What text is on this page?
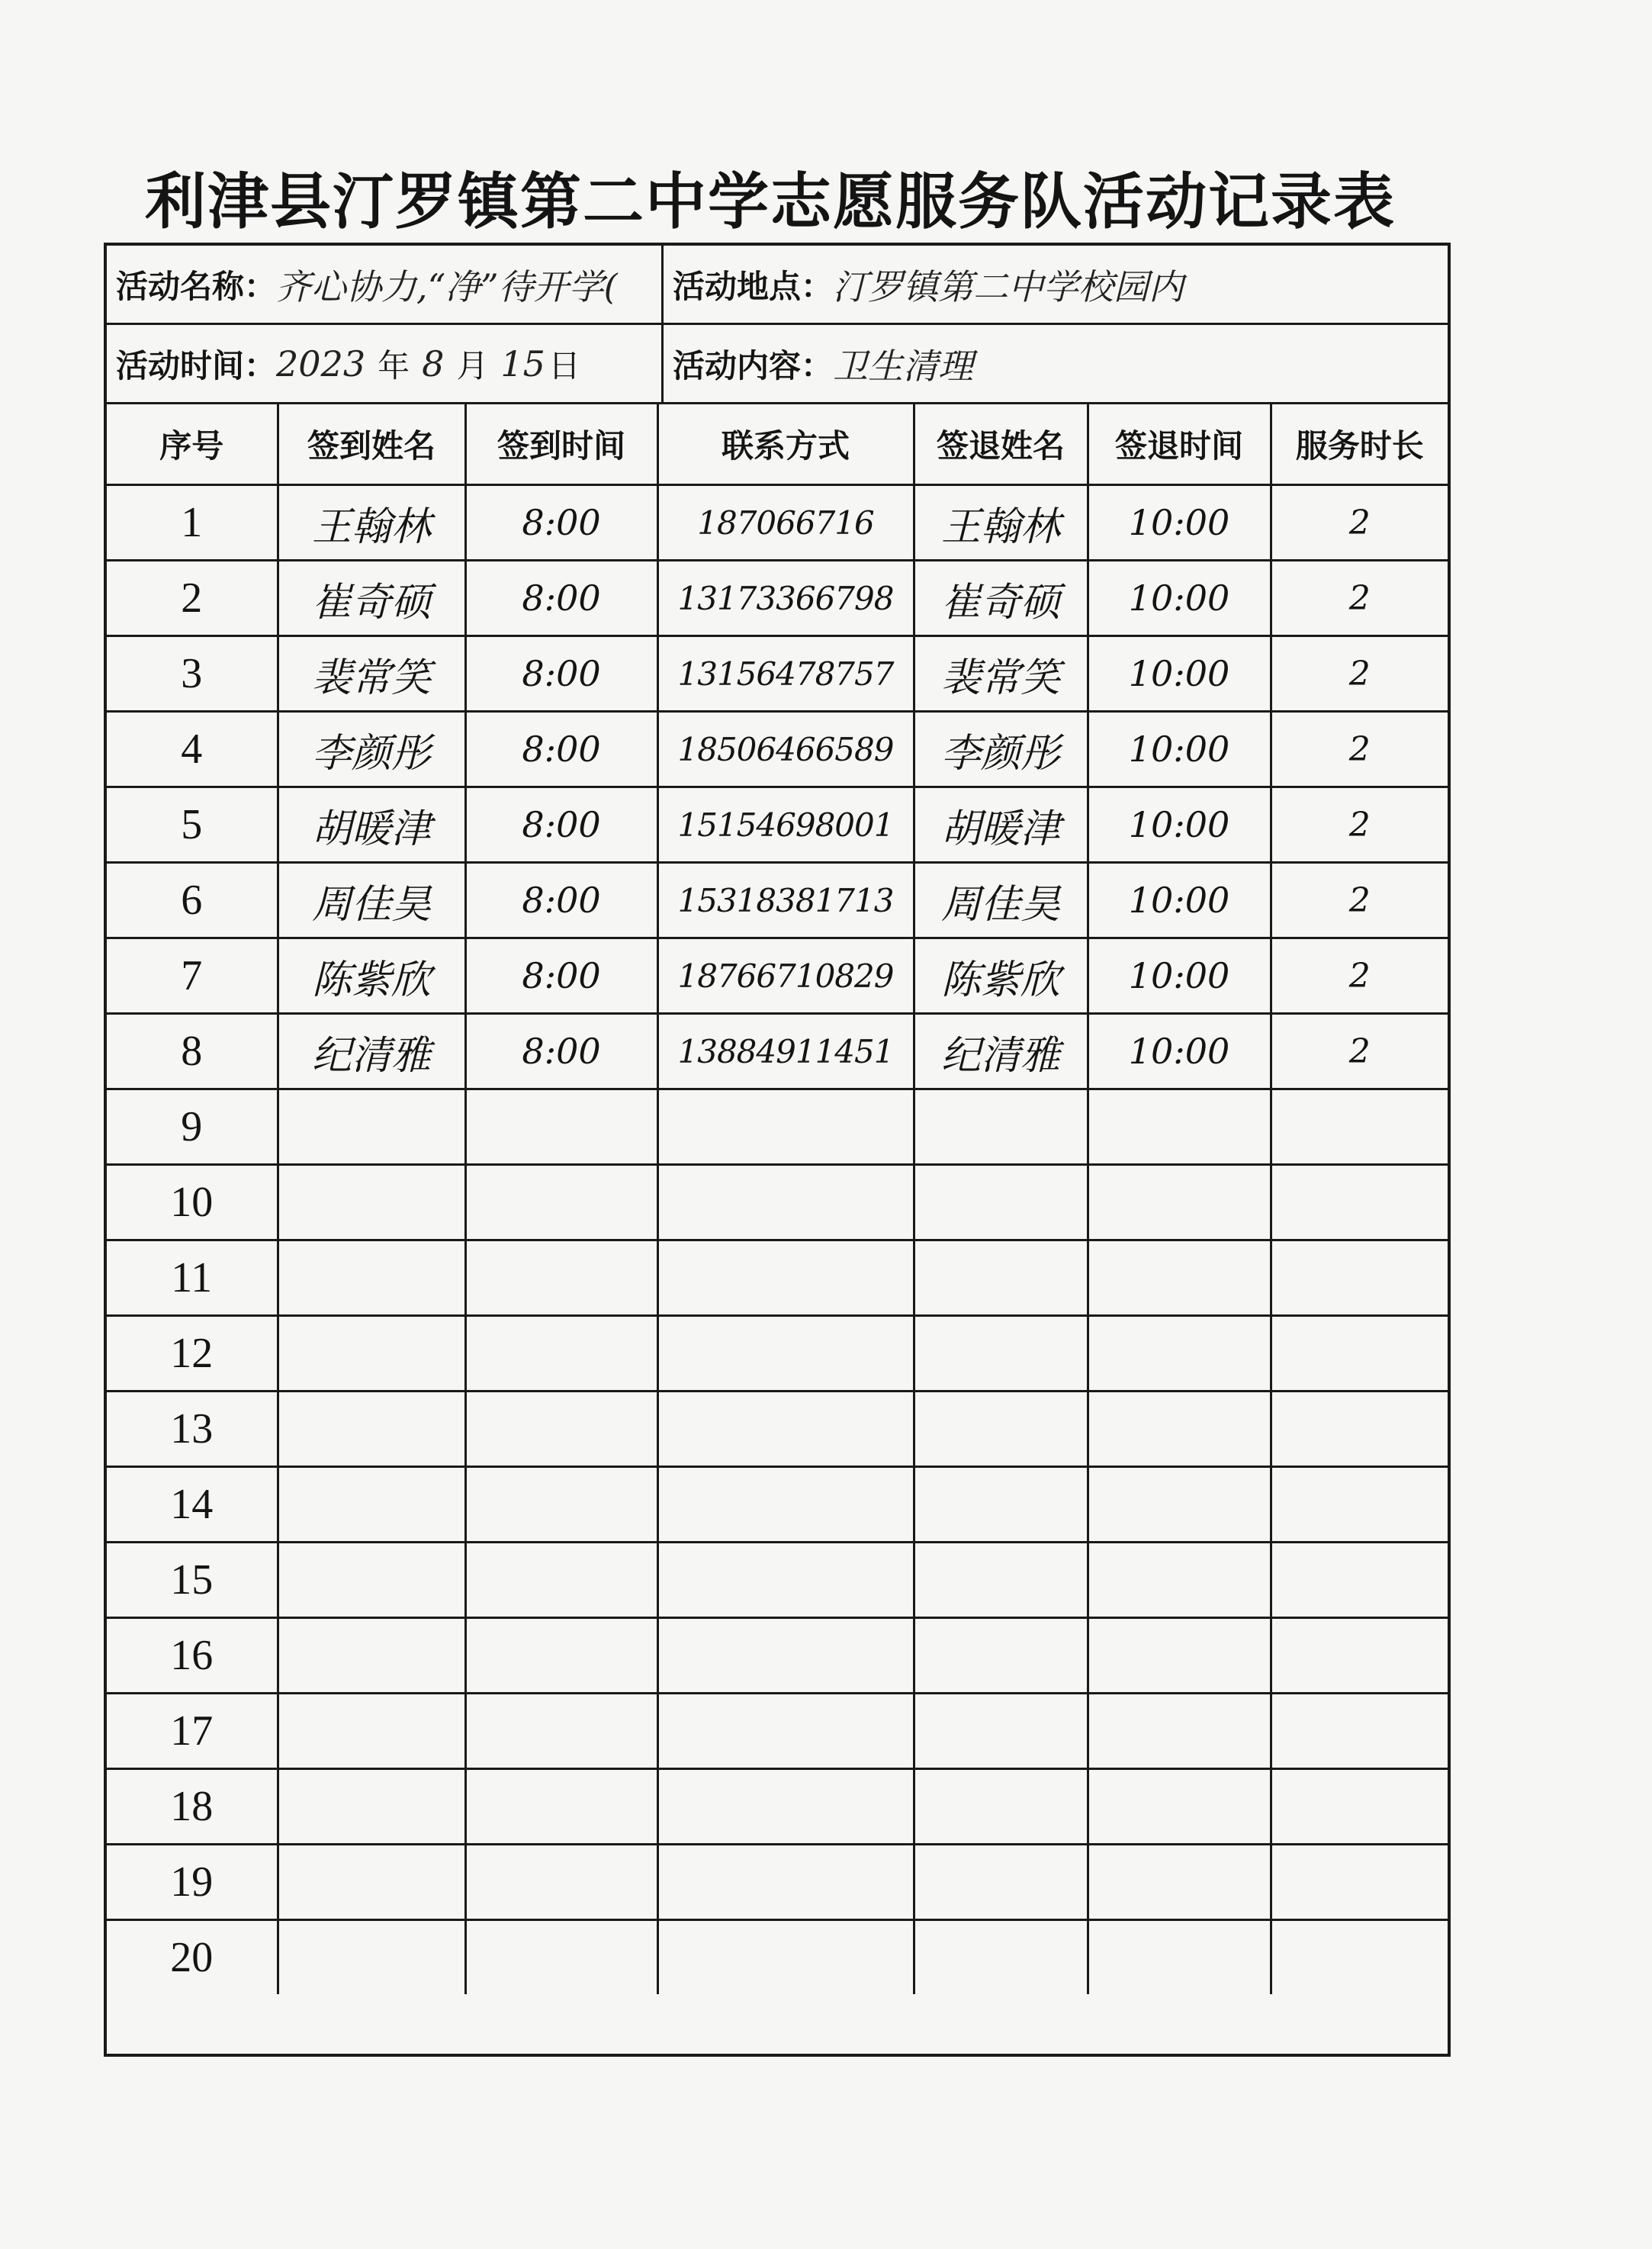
利津县汀罗镇第二中学志愿服务队活动记录表
活动名称： 齐心协力,“净”待开学( 活动地点： 汀罗镇第二中学校园内
活动时间： 2023 年 8 月 15 日	活动内容： 卫生清理
序号	签到姓名	签到时间	联系方式	签退姓名	签退时间	服务时长
1	王翰林	8:00	187066716	王翰林	10:00	2
2	崔奇硕	8:00	13173366798	崔奇硕	10:00	2
3	裴常笑	8:00	13156478757	裴常笑	10:00	2
4	李颜彤	8:00	18506466589	李颜彤	10:00	2
5	胡暖津	8:00	15154698001	胡暖津	10:00	2
6	周佳昊	8:00	15318381713	周佳昊	10:00	2
7	陈紫欣	8:00	18766710829	陈紫欣	10:00	2
8	纪清雅	8:00	13884911451	纪清雅	10:00	2
9						
10						
11						
12						
13						
14						
15						
16						
17						
18						
19						
20						
